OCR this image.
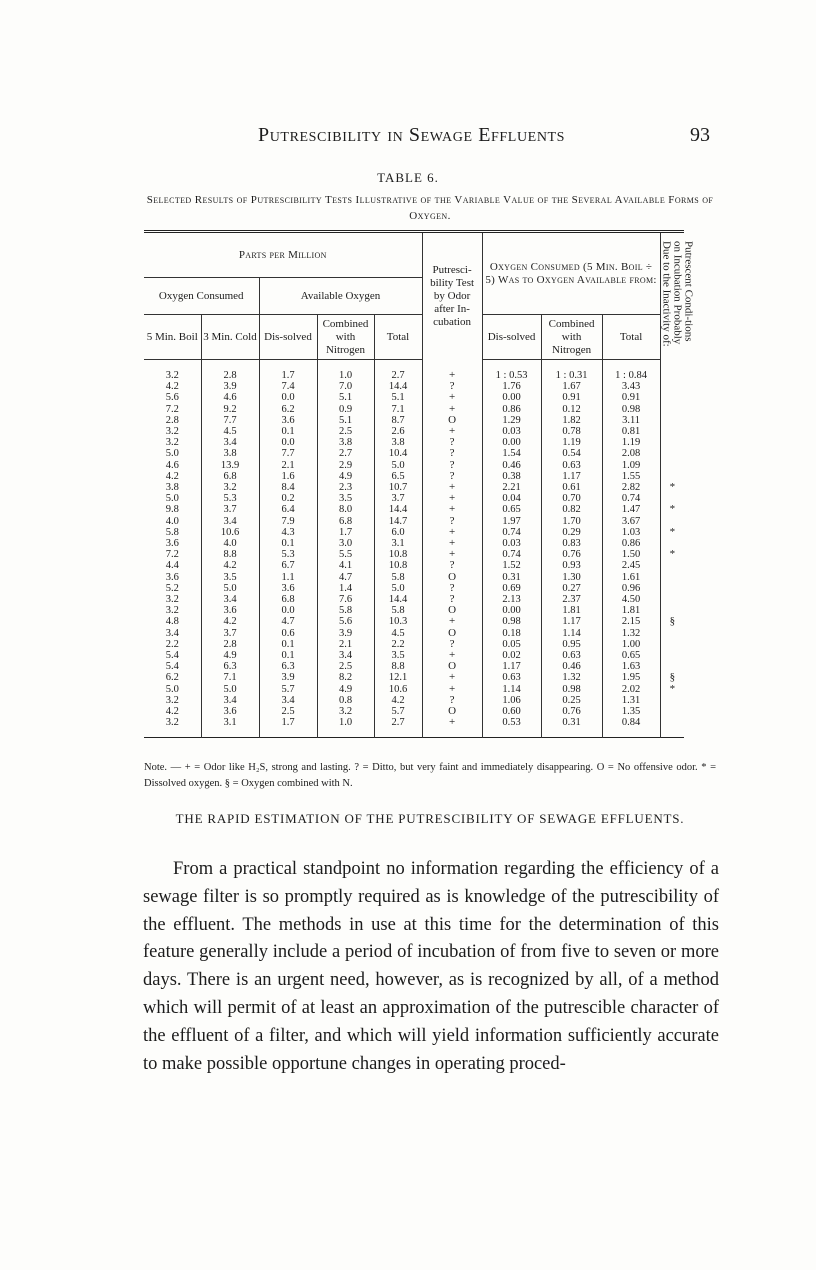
Putrescibility in Sewage Effluents	93
TABLE 6.
Selected Results of Putrescibility Tests Illustrative of the Variable Value of the Several Available Forms of Oxygen.
Parts per Million					Putresci-bility Test by Odor after In-cubation	Oxygen Consumed (5 Min. Boil ÷ 5) Was to Oxygen Available from:			Putrescent Condi-tions on Incubation Probably Due to the Inactivity of:

Oxygen Consumed		Available Oxygen							
5 Min. Boil	3 Min. Cold	Dis-solved	Combined with Nitrogen	Total		Dis-solved	Combined with Nitrogen	Total	
3.2	2.8	1.7	1.0	2.7	+	1 : 0.53	1 : 0.31	1 : 0.84	
4.2	3.9	7.4	7.0	14.4	?	1.76	1.67	3.43	
5.6	4.6	0.0	5.1	5.1	+	0.00	0.91	0.91	
7.2	9.2	6.2	0.9	7.1	+	0.86	0.12	0.98	
2.8	7.7	3.6	5.1	8.7	O	1.29	1.82	3.11	
3.2	4.5	0.1	2.5	2.6	+	0.03	0.78	0.81	
3.2	3.4	0.0	3.8	3.8	?	0.00	1.19	1.19	
5.0	3.8	7.7	2.7	10.4	?	1.54	0.54	2.08	
4.6	13.9	2.1	2.9	5.0	?	0.46	0.63	1.09	
4.2	6.8	1.6	4.9	6.5	?	0.38	1.17	1.55	
3.8	3.2	8.4	2.3	10.7	+	2.21	0.61	2.82	*
5.0	5.3	0.2	3.5	3.7	+	0.04	0.70	0.74	
9.8	3.7	6.4	8.0	14.4	+	0.65	0.82	1.47	*
4.0	3.4	7.9	6.8	14.7	?	1.97	1.70	3.67	
5.8	10.6	4.3	1.7	6.0	+	0.74	0.29	1.03	*
3.6	4.0	0.1	3.0	3.1	+	0.03	0.83	0.86	
7.2	8.8	5.3	5.5	10.8	+	0.74	0.76	1.50	*
4.4	4.2	6.7	4.1	10.8	?	1.52	0.93	2.45	
3.6	3.5	1.1	4.7	5.8	O	0.31	1.30	1.61	
5.2	5.0	3.6	1.4	5.0	?	0.69	0.27	0.96	
3.2	3.4	6.8	7.6	14.4	?	2.13	2.37	4.50	
3.2	3.6	0.0	5.8	5.8	O	0.00	1.81	1.81	
4.8	4.2	4.7	5.6	10.3	+	0.98	1.17	2.15	§
3.4	3.7	0.6	3.9	4.5	O	0.18	1.14	1.32	
2.2	2.8	0.1	2.1	2.2	?	0.05	0.95	1.00	
5.4	4.9	0.1	3.4	3.5	+	0.02	0.63	0.65	
5.4	6.3	6.3	2.5	8.8	O	1.17	0.46	1.63	
6.2	7.1	3.9	8.2	12.1	+	0.63	1.32	1.95	§
5.0	5.0	5.7	4.9	10.6	+	1.14	0.98	2.02	*
3.2	3.4	3.4	0.8	4.2	?	1.06	0.25	1.31	
4.2	3.6	2.5	3.2	5.7	O	0.60	0.76	1.35	
3.2	3.1	1.7	1.0	2.7	+	0.53	0.31	0.84	
Note. — + = Odor like H₂S, strong and lasting. ? = Ditto, but very faint and immediately disappearing. O = No offensive odor. * = Dissolved oxygen. § = Oxygen combined with N.
THE RAPID ESTIMATION OF THE PUTRESCIBILITY OF SEWAGE EFFLUENTS.

From a practical standpoint no information regarding the efficiency of a sewage filter is so promptly required as is knowledge of the putrescibility of the effluent. The methods in use at this time for the determination of this feature generally include a period of incubation of from five to seven or more days. There is an urgent need, however, as is recognized by all, of a method which will permit of at least an approximation of the putrescible character of the effluent of a filter, and which will yield information sufficiently accurate to make possible opportune changes in operating proced-
